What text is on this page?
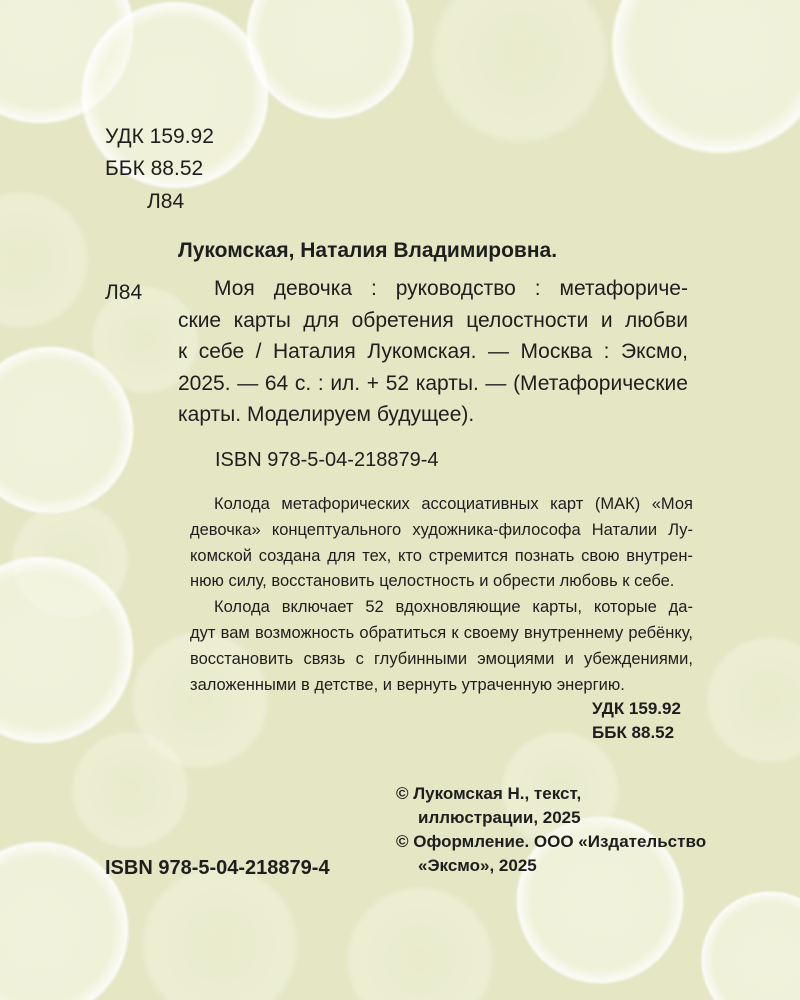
УДК 159.92
ББК 88.52
Л84
Лукомская, Наталия Владимировна.
Л84	Моя девочка : руководство : метафориче-
ские карты для обретения целостности и любви
к себе / Наталия Лукомская. — Москва : Эксмо,
2025. — 64 с. : ил. + 52 карты. — (Метафорические
карты. Моделируем будущее).
ISBN 978-5-04-218879-4
Колода метафорических ассоциативных карт (МАК) «Моя
девочка» концептуального художника-философа Наталии Лу-
комской создана для тех, кто стремится познать свою внутрен-
нюю силу, восстановить целостность и обрести любовь к себе.
Колода включает 52 вдохновляющие карты, которые да-
дут вам возможность обратиться к своему внутреннему ребёнку,
восстановить связь с глубинными эмоциями и убеждениями,
заложенными в детстве, и вернуть утраченную энергию.
УДК 159.92
ББК 88.52
© Лукомская Н., текст,
иллюстрации, 2025
© Оформление. ООО «Издательство
«Эксмо», 2025
ISBN 978-5-04-218879-4
